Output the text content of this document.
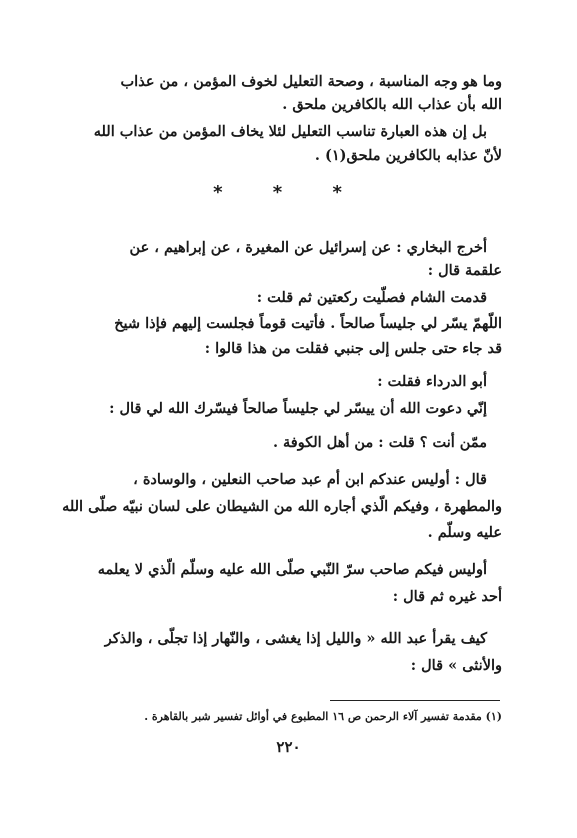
وما هو وجه المناسبة ، وصحة التعليل لخوف المؤمن ، من عذاب
الله بأن عذاب الله بالكافرين ملحق .
بل إن هذه العبارة تناسب التعليل لئلا يخاف المؤمن من عذاب الله
لأنّ عذابه بالكافرين ملحق(١) .
* * *
أخرج البخاري : عن إسرائيل عن المغيرة ، عن إبراهيم ، عن
علقمة قال :
قدمت الشام فصلّيت ركعتين ثم قلت :
اللّهمّ يسّر لي جليساً صالحاً . فأتيت قوماً فجلست إليهم فإذا شيخ
قد جاء حتى جلس إلى جنبي فقلت من هذا قالوا :
أبو الدرداء فقلت :
إنّي دعوت الله أن ييسّر لي جليساً صالحاً فيسّرك الله لي قال :
ممّن أنت ؟ قلت : من أهل الكوفة .
قال : أوليس عندكم ابن أم عبد صاحب النعلين ، والوسادة ،
والمطهرة ، وفيكم الّذي أجاره الله من الشيطان على لسان نبيّه صلّى الله
عليه وسلّم .
أوليس فيكم صاحب سرّ النّبي صلّى الله عليه وسلّم الّذي لا يعلمه
أحد غيره ثم قال :
كيف يقرأ عبد الله « والليل إذا يغشى ، والنّهار إذا تجلّى ، والذكر
والأنثى » قال :
(١) مقدمة تفسير آلاء الرحمن ص ١٦ المطبوع في أوائل تفسير شبر بالقاهرة .
٢٢٠
